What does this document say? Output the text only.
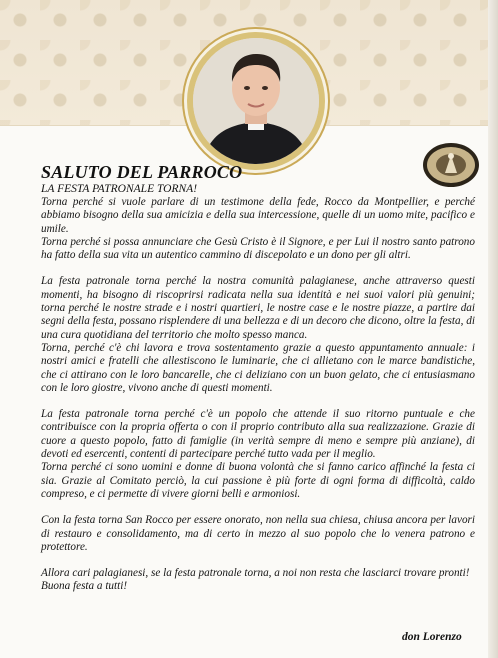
SALUTO DEL PARROCO
LA FESTA PATRONALE TORNA!

Torna perché si vuole parlare di un testimone della fede, Rocco da Montpellier, e perché abbiamo bisogno della sua amicizia e della sua intercessione, quelle di un uomo mite, pacifico e umile.

Torna perché si possa annunciare che Gesù Cristo è il Signore, e per Lui il nostro santo patrono ha fatto della sua vita un autentico cammino di discepolato e un dono per gli altri.

La festa patronale torna perché la nostra comunità palagianese, anche attraverso questi momenti, ha bisogno di riscoprirsi radicata nella sua identità e nei suoi valori più genuini; torna perché le nostre strade e i nostri quartieri, le nostre case e le nostre piazze, a partire dai segni della festa, possano risplendere di una bellezza e di un decoro che dicono, oltre la festa, di una cura quotidiana del territorio che molto spesso manca.

Torna, perché c'è chi lavora e trova sostentamento grazie a questo appuntamento annuale: i nostri amici e fratelli che allestiscono le luminarie, che ci allietano con le marce bandistiche, che ci attirano con le loro bancarelle, che ci deliziano con un buon gelato, che ci entusiasmano con le loro giostre, vivono anche di questi momenti.

La festa patronale torna perché c'è un popolo che attende il suo ritorno puntuale e che contribuisce con la propria offerta o con il proprio contributo alla sua realizzazione. Grazie di cuore a questo popolo, fatto di famiglie (in verità sempre di meno e sempre più anziane), di devoti ed esercenti, contenti di partecipare perché tutto vada per il meglio.

Torna perché ci sono uomini e donne di buona volontà che si fanno carico affinché la festa ci sia. Grazie al Comitato perciò, la cui passione è più forte di ogni forma di difficoltà, caldo compreso, e ci permette di vivere giorni belli e armoniosi.

Con la festa torna San Rocco per essere onorato, non nella sua chiesa, chiusa ancora per lavori di restauro e consolidamento, ma di certo in mezzo al suo popolo che lo venera patrono e protettore.

Allora cari palagianesi, se la festa patronale torna, a noi non resta che lasciarci trovare pronti!

Buona festa a tutti!

don Lorenzo
